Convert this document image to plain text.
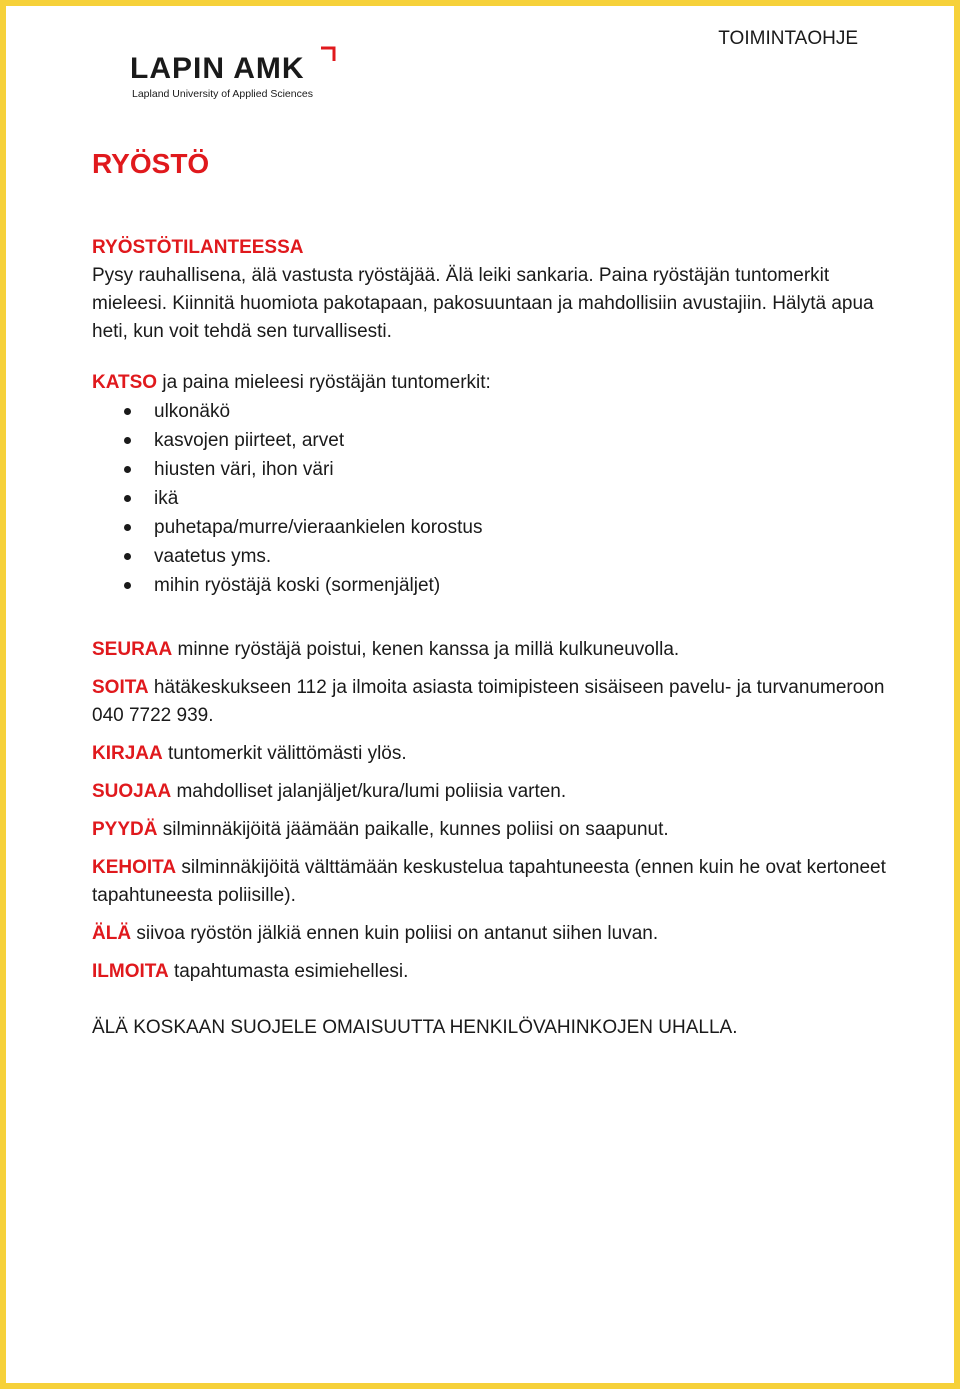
TOIMINTAOHJE
LAPIN AMK
Lapland University of Applied Sciences
RYÖSTÖ

RYÖSTÖTILANTEESSA

Pysy rauhallisena, älä vastusta ryöstäjää. Älä leiki sankaria. Paina ryöstäjän tuntomerkit mieleesi. Kiinnitä huomiota pakotapaan, pakosuuntaan ja mahdollisiin avustajiin. Hälytä apua heti, kun voit tehdä sen turvallisesti.

KATSO ja paina mieleesi ryöstäjän tuntomerkit:

ulkonäkö
kasvojen piirteet, arvet
hiusten väri, ihon väri
ikä
puhetapa/murre/vieraankielen korostus
vaatetus yms.
mihin ryöstäjä koski (sormenjäljet)

SEURAA minne ryöstäjä poistui, kenen kanssa ja millä kulkuneuvolla.

SOITA hätäkeskukseen 112 ja ilmoita asiasta toimipisteen sisäiseen pavelu- ja turvanumeroon 040 7722 939.

KIRJAA tuntomerkit välittömästi ylös.

SUOJAA mahdolliset jalanjäljet/kura/lumi poliisia varten.

PYYDÄ silminnäkijöitä jäämään paikalle, kunnes poliisi on saapunut.

KEHOITA silminnäkijöitä välttämään keskustelua tapahtuneesta (ennen kuin he ovat kertoneet tapahtuneesta poliisille).

ÄLÄ siivoa ryöstön jälkiä ennen kuin poliisi on antanut siihen luvan.

ILMOITA tapahtumasta esimiehellesi.

ÄLÄ KOSKAAN SUOJELE OMAISUUTTA HENKILÖVAHINKOJEN UHALLA.
